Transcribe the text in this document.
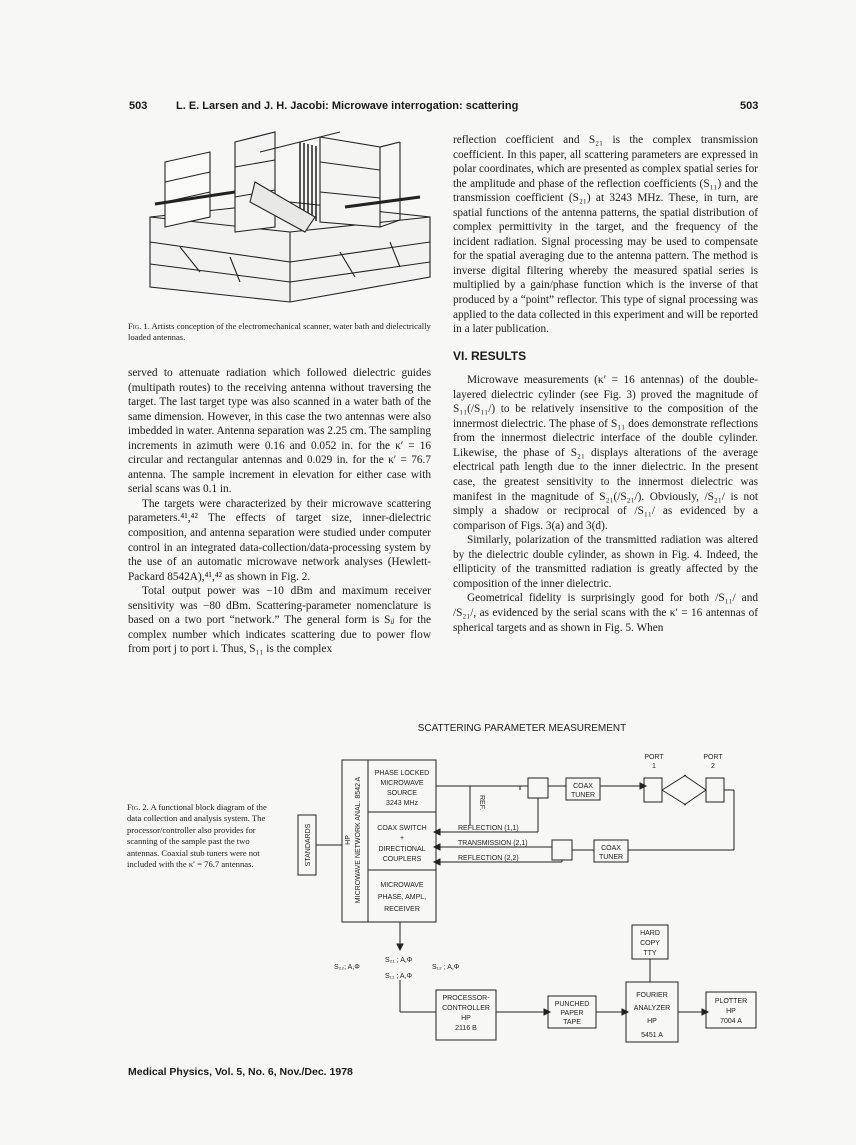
503	L. E. Larsen and J. H. Jacobi: Microwave interrogation: scattering	503
Fig. 1. Artists conception of the electromechanical scanner, water bath and dielectrically loaded antennas.

served to attenuate radiation which followed dielectric guides (multipath routes) to the receiving antenna without traversing the target. The last target type was also scanned in a water bath of the same dimension. However, in this case the two antennas were also imbedded in water. Antenna separation was 2.25 cm. The sampling increments in azimuth were 0.16 and 0.052 in. for the κ′ = 16 circular and rectangular antennas and 0.029 in. for the κ′ = 76.7 antenna. The sample increment in elevation for either case with serial scans was 0.1 in.

The targets were characterized by their microwave scattering parameters.⁴¹,⁴² The effects of target size, inner-dielectric composition, and antenna separation were studied under computer control in an integrated data-collection/data-processing system by the use of an automatic microwave network analyses (Hewlett-Packard 8542A),⁴¹,⁴² as shown in Fig. 2.

Total output power was −10 dBm and maximum receiver sensitivity was −80 dBm. Scattering-parameter nomenclature is based on a two port “network.” The general form is Sᵢⱼ for the complex number which indicates scattering due to power flow from port j to port i. Thus, S₁₁ is the complex

reflection coefficient and S₂₁ is the complex transmission coefficient. In this paper, all scattering parameters are expressed in polar coordinates, which are presented as complex spatial series for the amplitude and phase of the reflection coefficients (S₁₁) and the transmission coefficient (S₂₁) at 3243 MHz. These, in turn, are spatial functions of the antenna patterns, the spatial distribution of complex permittivity in the target, and the frequency of the incident radiation. Signal processing may be used to compensate for the spatial averaging due to the antenna pattern. The method is inverse digital filtering whereby the measured spatial series is multiplied by a gain/phase function which is the inverse of that produced by a “point” reflector. This type of signal processing was applied to the data collected in this experiment and will be reported in a later publication.

VI. RESULTS

Microwave measurements (κ′ = 16 antennas) of the double-layered dielectric cylinder (see Fig. 3) proved the magnitude of S₁₁(/S₁₁/) to be relatively insensitive to the composition of the innermost dielectric. The phase of S₁₁ does demonstrate reflections from the innermost dielectric interface of the double cylinder. Likewise, the phase of S₂₁ displays alterations of the average electrical path length due to the inner dielectric. In the present case, the greatest sensitivity to the innermost dielectric was manifest in the magnitude of S₂₁(/S₂₁/). Obviously, /S₂₁/ is not simply a shadow or reciprocal of /S₁₁/ as evidenced by a comparison of Figs. 3(a) and 3(d).

Similarly, polarization of the transmitted radiation was altered by the dielectric double cylinder, as shown in Fig. 4. Indeed, the ellipticity of the transmitted radiation is greatly affected by the composition of the inner dielectric.

Geometrical fidelity is surprisingly good for both /S₁₁/ and /S₂₁/, as evidenced by the serial scans with the κ′ = 16 antennas of spherical targets and as shown in Fig. 5. When

Fig. 2. A functional block diagram of the data collection and analysis system. The processor/controller also provides for scanning of the sample past the two antennas. Coaxial stub tuners were not included with the κ′ = 76.7 antennas.
SCATTERING PARAMETER MEASUREMENT
STANDARDS	HP MICROWAVE NETWORK ANAL. 8542 A
PHASE LOCKED
MICROWAVE
SOURCE
3243 MHz
COAX SWITCH
+
DIRECTIONAL
COUPLERS
MICROWAVE
PHASE, AMPL,
RECEIVER
COAX
TUNER
COAX
TUNER
PORT
1
PORT
2
PROCESSOR-
CONTROLLER
HP
2116 B
PUNCHED
PAPER
TAPE
FOURIER
ANALYZER
HP
5451 A
HARD
COPY
TTY
PLOTTER
HP
7004 A
REF.
REFLECTION (1,1)
TRANSMISSION (2,1)
REFLECTION (2,2)
S₂₁ ; A,Φ
S₂₂; A,Φ	S₁₂ ; A,Φ
S₁₁ ; A,Φ
Medical Physics, Vol. 5, No. 6, Nov./Dec. 1978
